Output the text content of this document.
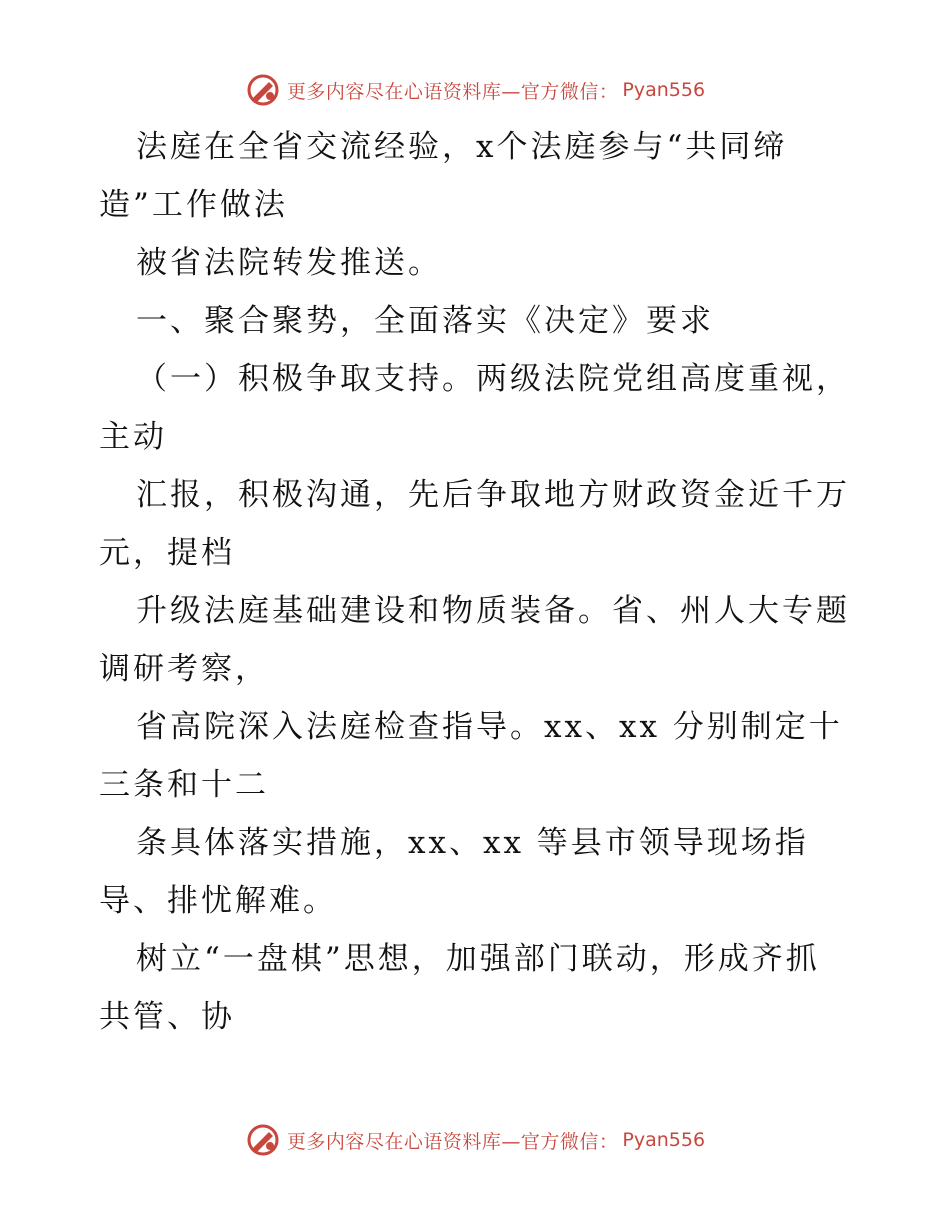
更多内容尽在心语资料库—官方微信： Pyan556
法庭在全省交流经验，x个法庭参与“共同缔
造”工作做法
被省法院转发推送。
一、聚合聚势，全面落实《决定》要求
（一）积极争取支持。两级法院党组高度重视，
主动
汇报，积极沟通，先后争取地方财政资金近千万
元，提档
升级法庭基础建设和物质装备。省、州人大专题
调研考察，
省高院深入法庭检查指导。xx、xx 分别制定十
三条和十二
条具体落实措施，xx、xx 等县市领导现场指
导、排忧解难。
树立“一盘棋”思想，加强部门联动，形成齐抓
共管、协
更多内容尽在心语资料库—官方微信： Pyan556
